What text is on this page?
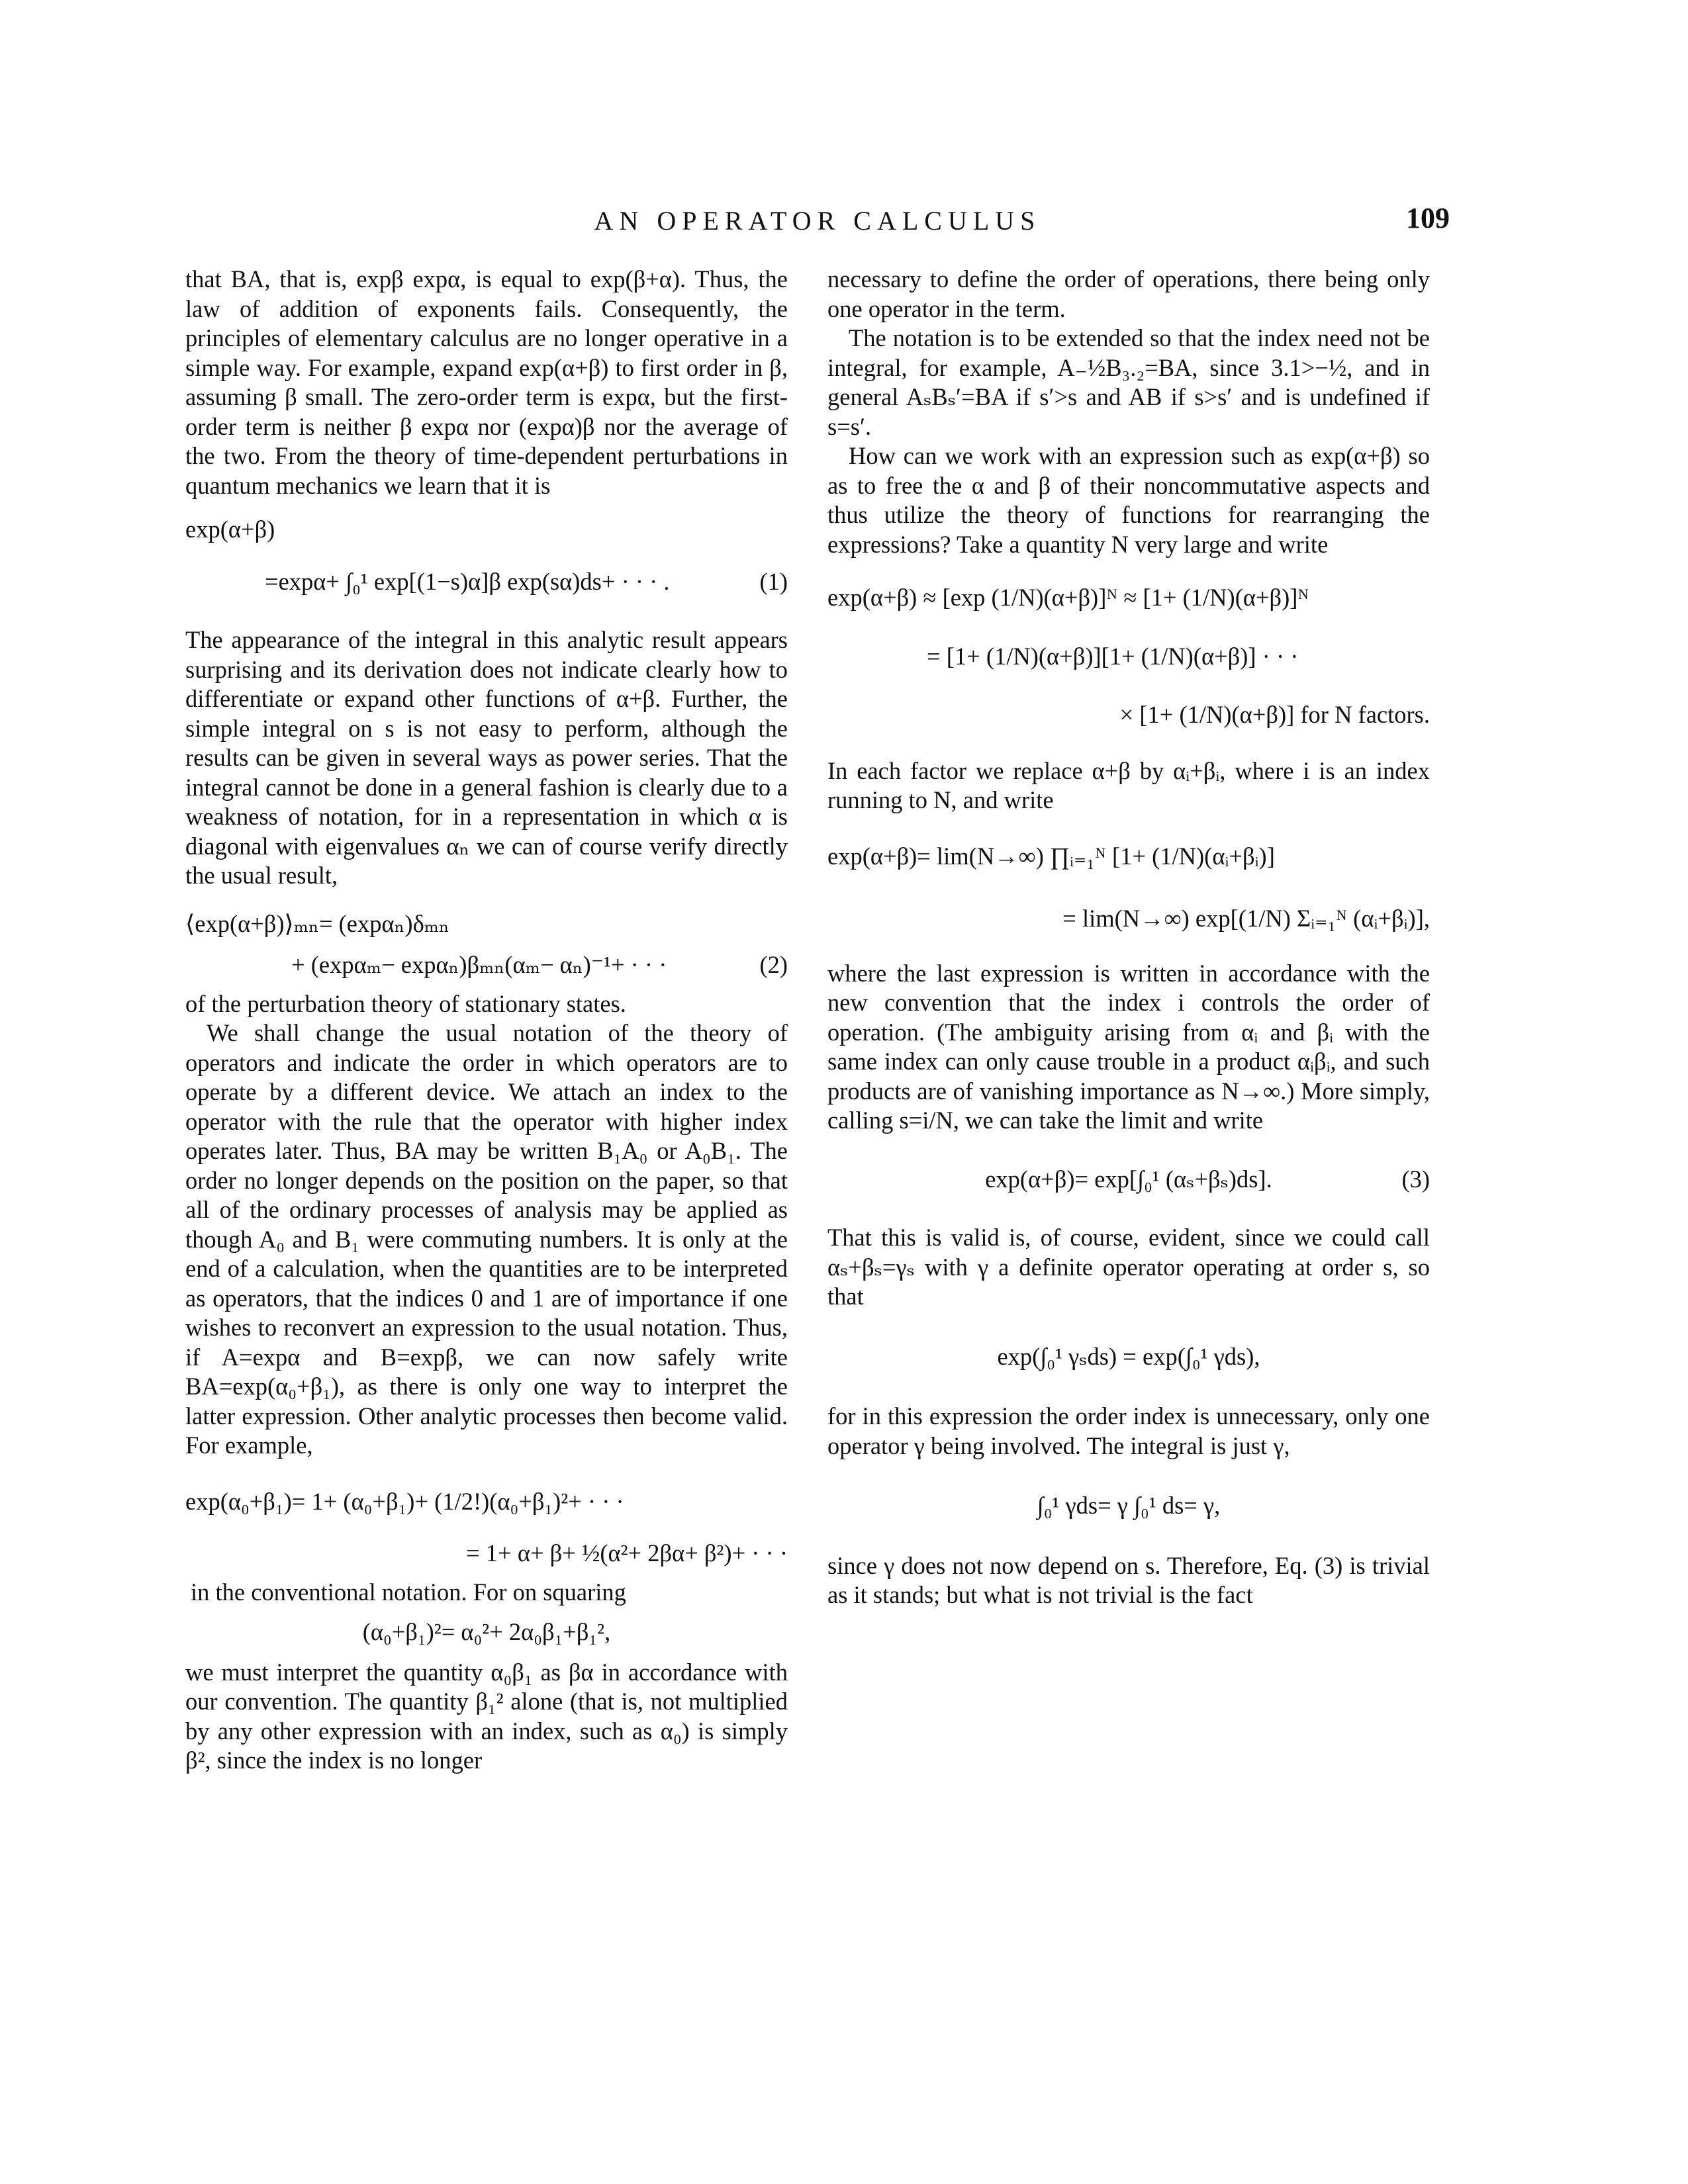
AN OPERATOR CALCULUS	109

that BA, that is, expβ expα, is equal to exp(β+α). Thus, the law of addition of exponents fails. Consequently, the principles of elementary calculus are no longer operative in a simple way. For example, expand exp(α+β) to first order in β, assuming β small. The zero-order term is expα, but the first-order term is neither β expα nor (expα)β nor the average of the two. From the theory of time-dependent perturbations in quantum mechanics we learn that it is

exp(α+β)
=expα+ ∫₀¹ exp[(1−s)α]β exp(sα)ds+ · · · .	(1)

The appearance of the integral in this analytic result appears surprising and its derivation does not indicate clearly how to differentiate or expand other functions of α+β. Further, the simple integral on s is not easy to perform, although the results can be given in several ways as power series. That the integral cannot be done in a general fashion is clearly due to a weakness of notation, for in a representation in which α is diagonal with eigenvalues αₙ we can of course verify directly the usual result,

⟨exp(α+β)⟩ₘₙ= (expαₙ)δₘₙ
+ (expαₘ− expαₙ)βₘₙ(αₘ− αₙ)⁻¹+ · · ·	(2)

of the perturbation theory of stationary states.

We shall change the usual notation of the theory of operators and indicate the order in which operators are to operate by a different device. We attach an index to the operator with the rule that the operator with higher index operates later. Thus, BA may be written B₁A₀ or A₀B₁. The order no longer depends on the position on the paper, so that all of the ordinary processes of analysis may be applied as though A₀ and B₁ were commuting numbers. It is only at the end of a calculation, when the quantities are to be interpreted as operators, that the indices 0 and 1 are of importance if one wishes to reconvert an expression to the usual notation. Thus, if A=expα and B=expβ, we can now safely write BA=exp(α₀+β₁), as there is only one way to interpret the latter expression. Other analytic processes then become valid. For example,

exp(α₀+β₁)= 1+ (α₀+β₁)+ (1/2!)(α₀+β₁)²+ · · ·
= 1+ α+ β+ ½(α²+ 2βα+ β²)+ · · ·

in the conventional notation. For on squaring

(α₀+β₁)²= α₀²+ 2α₀β₁+β₁²,

we must interpret the quantity α₀β₁ as βα in accordance with our convention. The quantity β₁² alone (that is, not multiplied by any other expression with an index, such as α₀) is simply β², since the index is no longer

necessary to define the order of operations, there being only one operator in the term.

The notation is to be extended so that the index need not be integral, for example, A₋½B₃.₂=BA, since 3.1>−½, and in general AₛBₛ′=BA if s′>s and AB if s>s′ and is undefined if s=s′.

How can we work with an expression such as exp(α+β) so as to free the α and β of their noncommutative aspects and thus utilize the theory of functions for rearranging the expressions? Take a quantity N very large and write

exp(α+β) ≈ [exp (1/N)(α+β)]ᴺ ≈ [1+ (1/N)(α+β)]ᴺ
= [1+ (1/N)(α+β)][1+ (1/N)(α+β)] · · ·
× [1+ (1/N)(α+β)] for N factors.

In each factor we replace α+β by αᵢ+βᵢ, where i is an index running to N, and write

exp(α+β)= lim(N→∞) ∏ᵢ₌₁ᴺ [1+ (1/N)(αᵢ+βᵢ)]
= lim(N→∞) exp[(1/N) Σᵢ₌₁ᴺ (αᵢ+βᵢ)],

where the last expression is written in accordance with the new convention that the index i controls the order of operation. (The ambiguity arising from αᵢ and βᵢ with the same index can only cause trouble in a product αᵢβᵢ, and such products are of vanishing importance as N→∞.) More simply, calling s=i/N, we can take the limit and write

exp(α+β)= exp[∫₀¹ (αₛ+βₛ)ds].	(3)

That this is valid is, of course, evident, since we could call αₛ+βₛ=γₛ with γ a definite operator operating at order s, so that

exp(∫₀¹ γₛds) = exp(∫₀¹ γds),

for in this expression the order index is unnecessary, only one operator γ being involved. The integral is just γ,

∫₀¹ γds= γ ∫₀¹ ds= γ,

since γ does not now depend on s. Therefore, Eq. (3) is trivial as it stands; but what is not trivial is the fact
